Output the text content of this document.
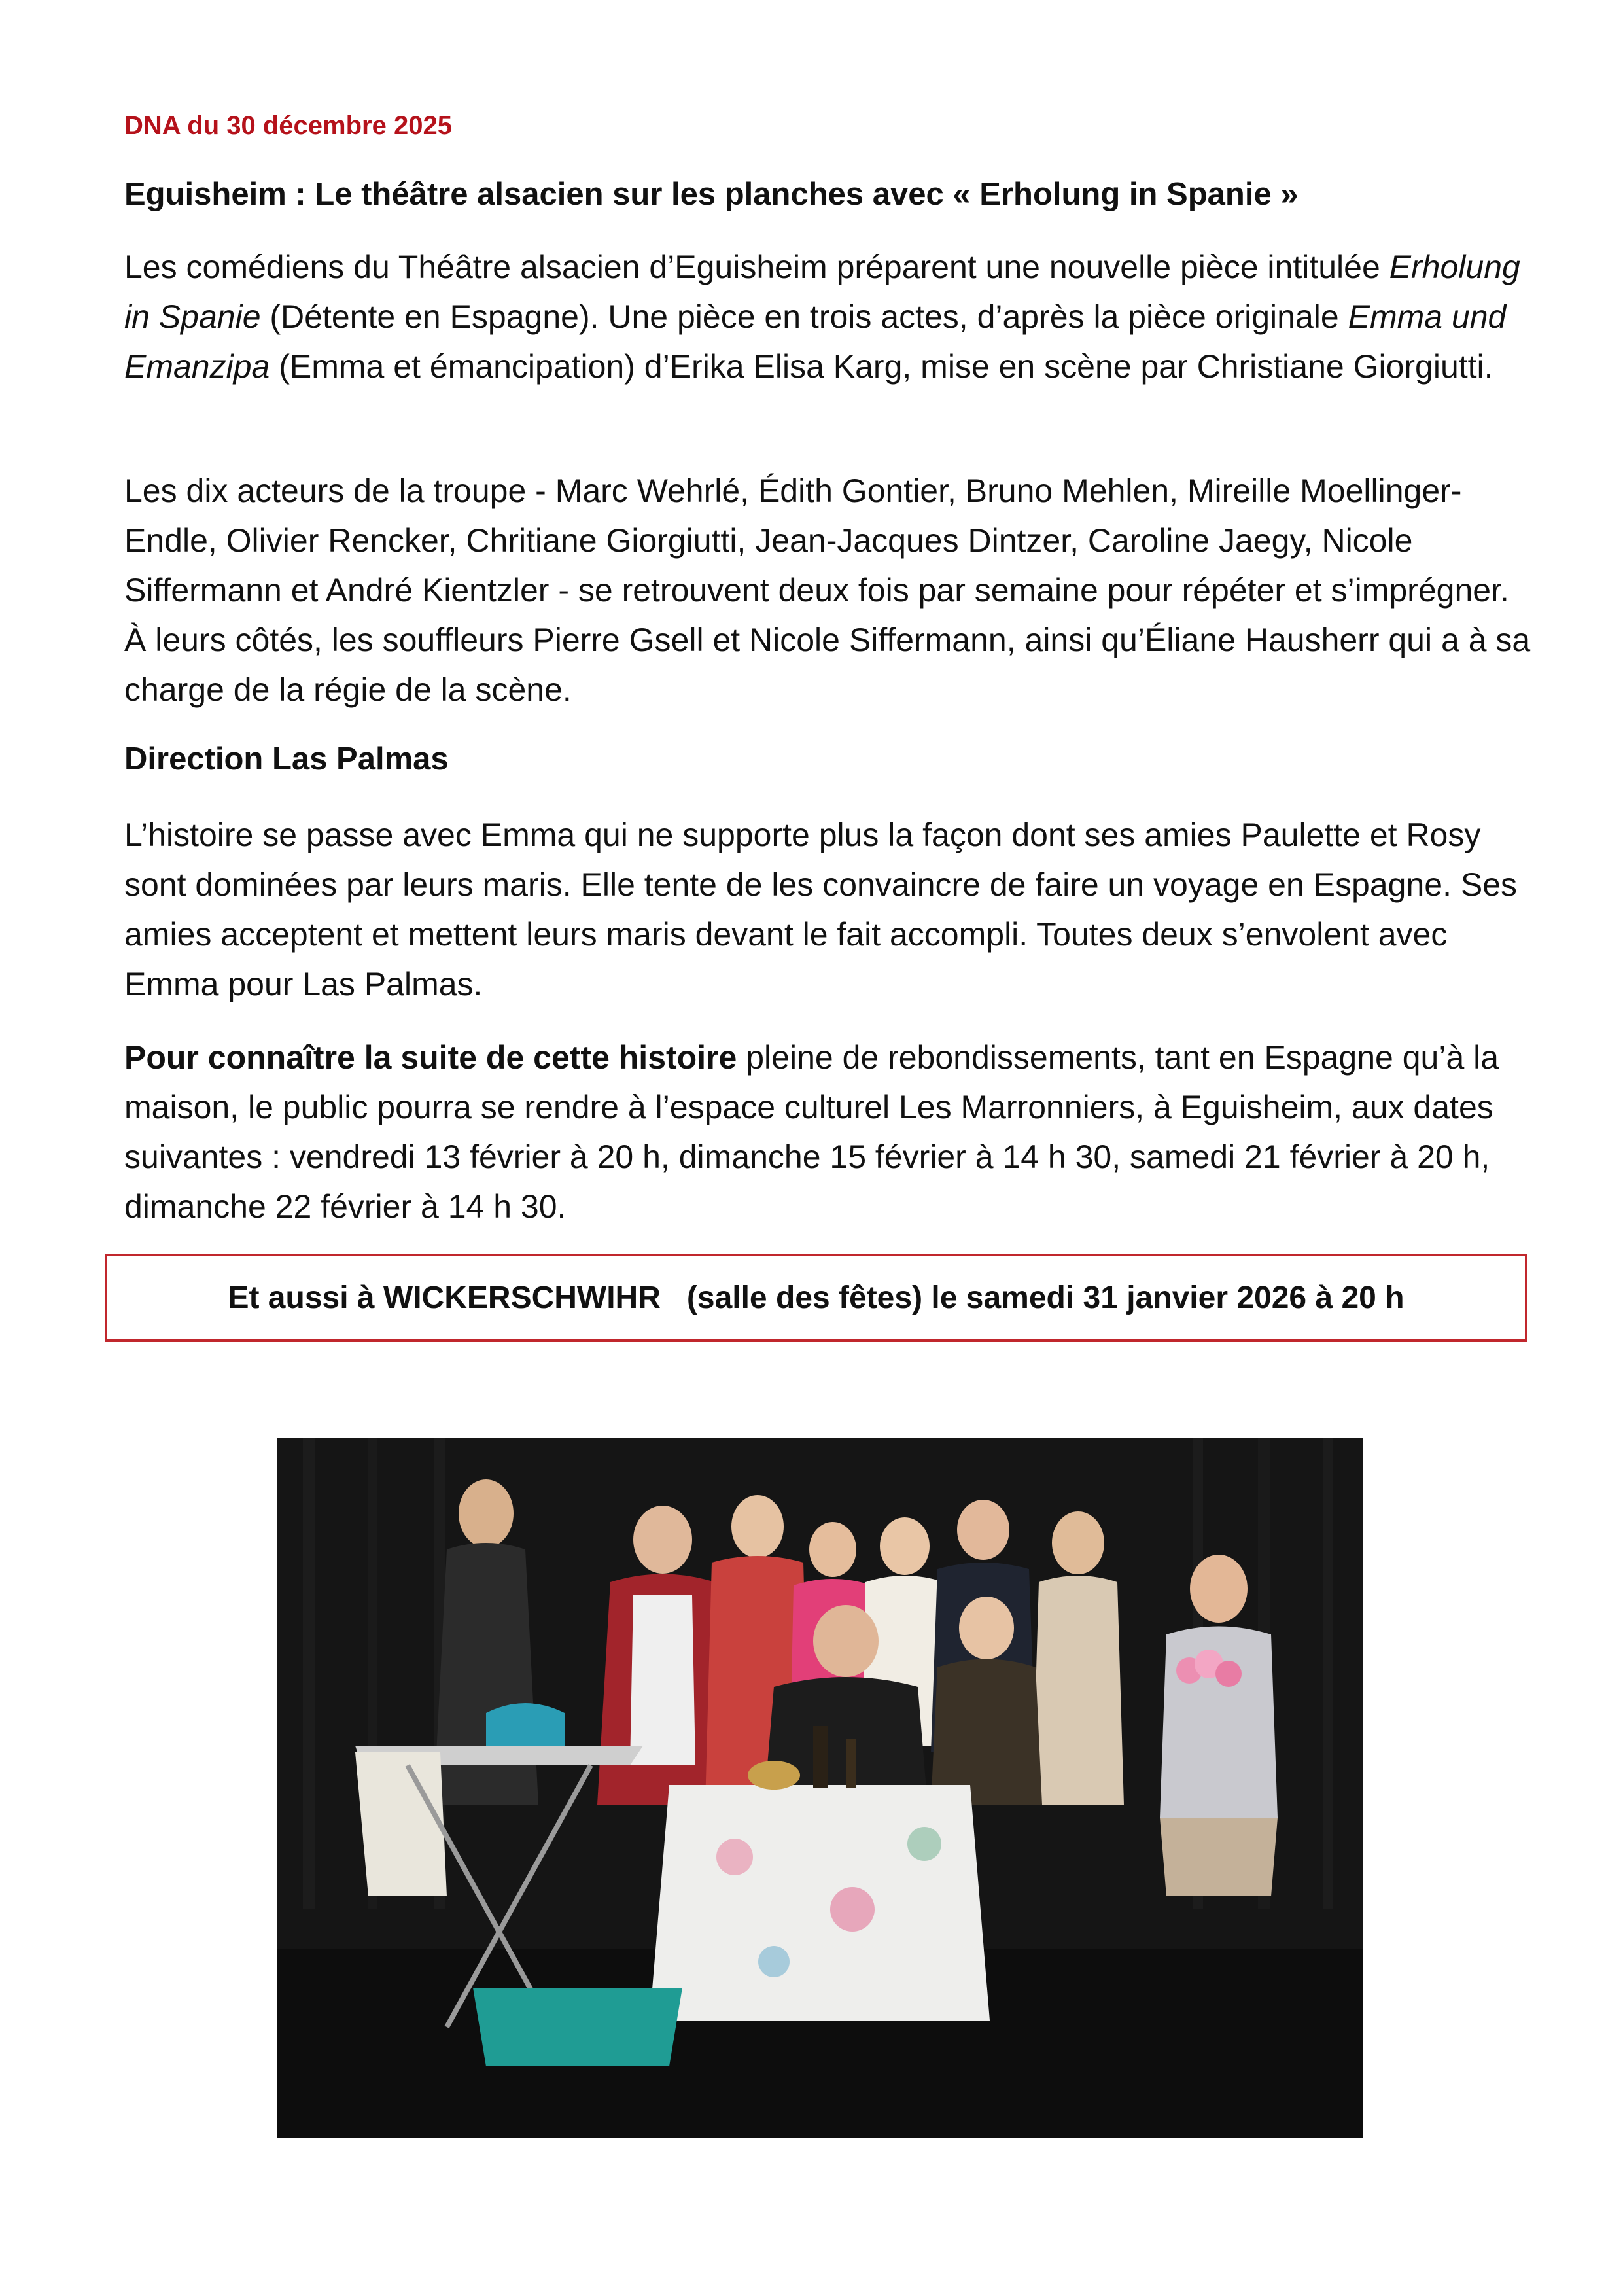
DNA du 30 décembre 2025

Eguisheim : Le théâtre alsacien sur les planches avec « Erholung in Spanie »

Les comédiens du Théâtre alsacien d’Eguisheim préparent une nouvelle pièce intitulée Erholung in Spanie (Détente en Espagne). Une pièce en trois actes, d’après la pièce originale Emma und Emanzipa (Emma et émancipation) d’Erika Elisa Karg, mise en scène par Christiane Giorgiutti.

Les dix acteurs de la troupe - Marc Wehrlé, Édith Gontier, Bruno Mehlen, Mireille Moellinger-Endle, Olivier Rencker, Chritiane Giorgiutti, Jean-Jacques Dintzer, Caroline Jaegy, Nicole Siffermann et André Kientzler - se retrouvent deux fois par semaine pour répéter et s’imprégner. À leurs côtés, les souffleurs Pierre Gsell et Nicole Siffermann, ainsi qu’Éliane Hausherr qui a à sa charge de la régie de la scène.

Direction Las Palmas

L’histoire se passe avec Emma qui ne supporte plus la façon dont ses amies Paulette et Rosy sont dominées par leurs maris. Elle tente de les convaincre de faire un voyage en Espagne. Ses amies acceptent et mettent leurs maris devant le fait accompli. Toutes deux s’envolent avec Emma pour Las Palmas.

Pour connaître la suite de cette histoire pleine de rebondissements, tant en Espagne qu’à la maison, le public pourra se rendre à l’espace culturel Les Marronniers, à Eguisheim, aux dates suivantes : vendredi 13 février à 20 h, dimanche 15 février à 14 h 30, samedi 21 février à 20 h, dimanche 22 février à 14 h 30.

Et aussi à WICKERSCHWIHR   (salle des fêtes) le samedi 31 janvier 2026 à 20 h
